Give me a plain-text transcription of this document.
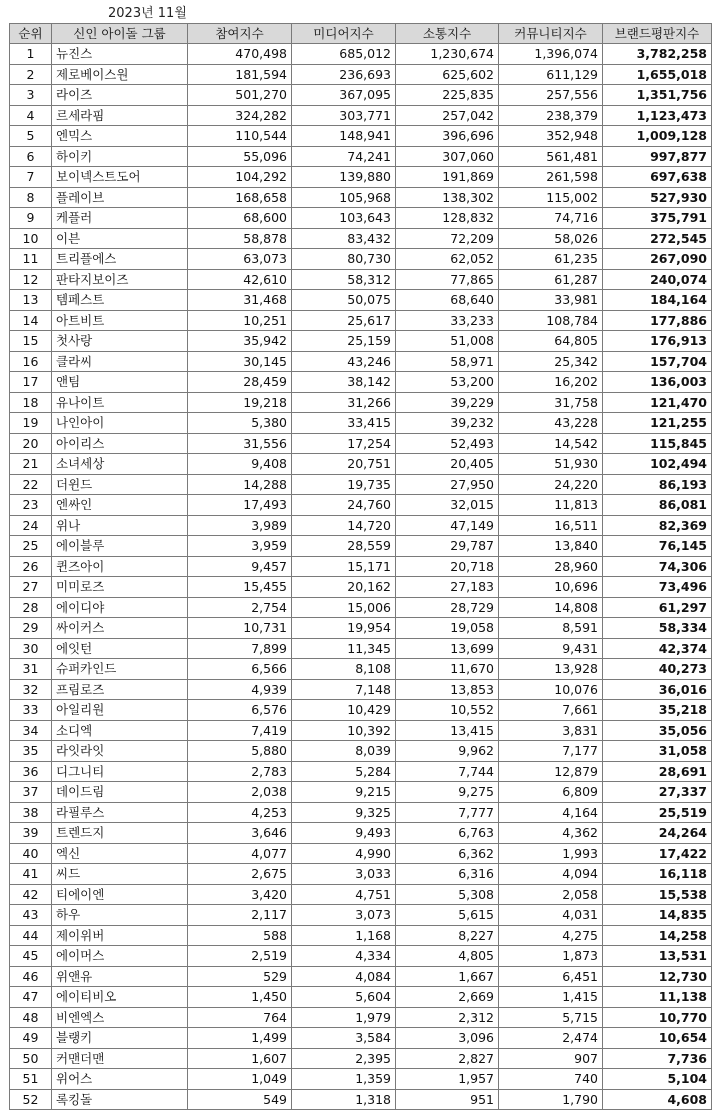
2023년 11월
순위	신인 아이돌 그룹	참여지수	미디어지수	소통지수	커뮤니티지수	브랜드평판지수
1	뉴진스	470,498	685,012	1,230,674	1,396,074	3,782,258
2	제로베이스원	181,594	236,693	625,602	611,129	1,655,018
3	라이즈	501,270	367,095	225,835	257,556	1,351,756
4	르세라핌	324,282	303,771	257,042	238,379	1,123,473
5	엔믹스	110,544	148,941	396,696	352,948	1,009,128
6	하이키	55,096	74,241	307,060	561,481	997,877
7	보이넥스트도어	104,292	139,880	191,869	261,598	697,638
8	플레이브	168,658	105,968	138,302	115,002	527,930
9	케플러	68,600	103,643	128,832	74,716	375,791
10	이븐	58,878	83,432	72,209	58,026	272,545
11	트리플에스	63,073	80,730	62,052	61,235	267,090
12	판타지보이즈	42,610	58,312	77,865	61,287	240,074
13	템페스트	31,468	50,075	68,640	33,981	184,164
14	아트비트	10,251	25,617	33,233	108,784	177,886
15	첫사랑	35,942	25,159	51,008	64,805	176,913
16	클라씨	30,145	43,246	58,971	25,342	157,704
17	앤팀	28,459	38,142	53,200	16,202	136,003
18	유나이트	19,218	31,266	39,229	31,758	121,470
19	나인아이	5,380	33,415	39,232	43,228	121,255
20	아이리스	31,556	17,254	52,493	14,542	115,845
21	소녀세상	9,408	20,751	20,405	51,930	102,494
22	더윈드	14,288	19,735	27,950	24,220	86,193
23	엔싸인	17,493	24,760	32,015	11,813	86,081
24	위나	3,989	14,720	47,149	16,511	82,369
25	에이블루	3,959	28,559	29,787	13,840	76,145
26	퀸즈아이	9,457	15,171	20,718	28,960	74,306
27	미미로즈	15,455	20,162	27,183	10,696	73,496
28	에이디야	2,754	15,006	28,729	14,808	61,297
29	싸이커스	10,731	19,954	19,058	8,591	58,334
30	에잇턴	7,899	11,345	13,699	9,431	42,374
31	슈퍼카인드	6,566	8,108	11,670	13,928	40,273
32	프림로즈	4,939	7,148	13,853	10,076	36,016
33	아일리원	6,576	10,429	10,552	7,661	35,218
34	소디엑	7,419	10,392	13,415	3,831	35,056
35	라잇라잇	5,880	8,039	9,962	7,177	31,058
36	디그니티	2,783	5,284	7,744	12,879	28,691
37	데이드림	2,038	9,215	9,275	6,809	27,337
38	라필루스	4,253	9,325	7,777	4,164	25,519
39	트렌드지	3,646	9,493	6,763	4,362	24,264
40	엑신	4,077	4,990	6,362	1,993	17,422
41	씨드	2,675	3,033	6,316	4,094	16,118
42	티에이엔	3,420	4,751	5,308	2,058	15,538
43	하우	2,117	3,073	5,615	4,031	14,835
44	제이위버	588	1,168	8,227	4,275	14,258
45	에이머스	2,519	4,334	4,805	1,873	13,531
46	위앤유	529	4,084	1,667	6,451	12,730
47	에이티비오	1,450	5,604	2,669	1,415	11,138
48	비엔엑스	764	1,979	2,312	5,715	10,770
49	블랭키	1,499	3,584	3,096	2,474	10,654
50	커맨더맨	1,607	2,395	2,827	907	7,736
51	위어스	1,049	1,359	1,957	740	5,104
52	록킹돌	549	1,318	951	1,790	4,608
